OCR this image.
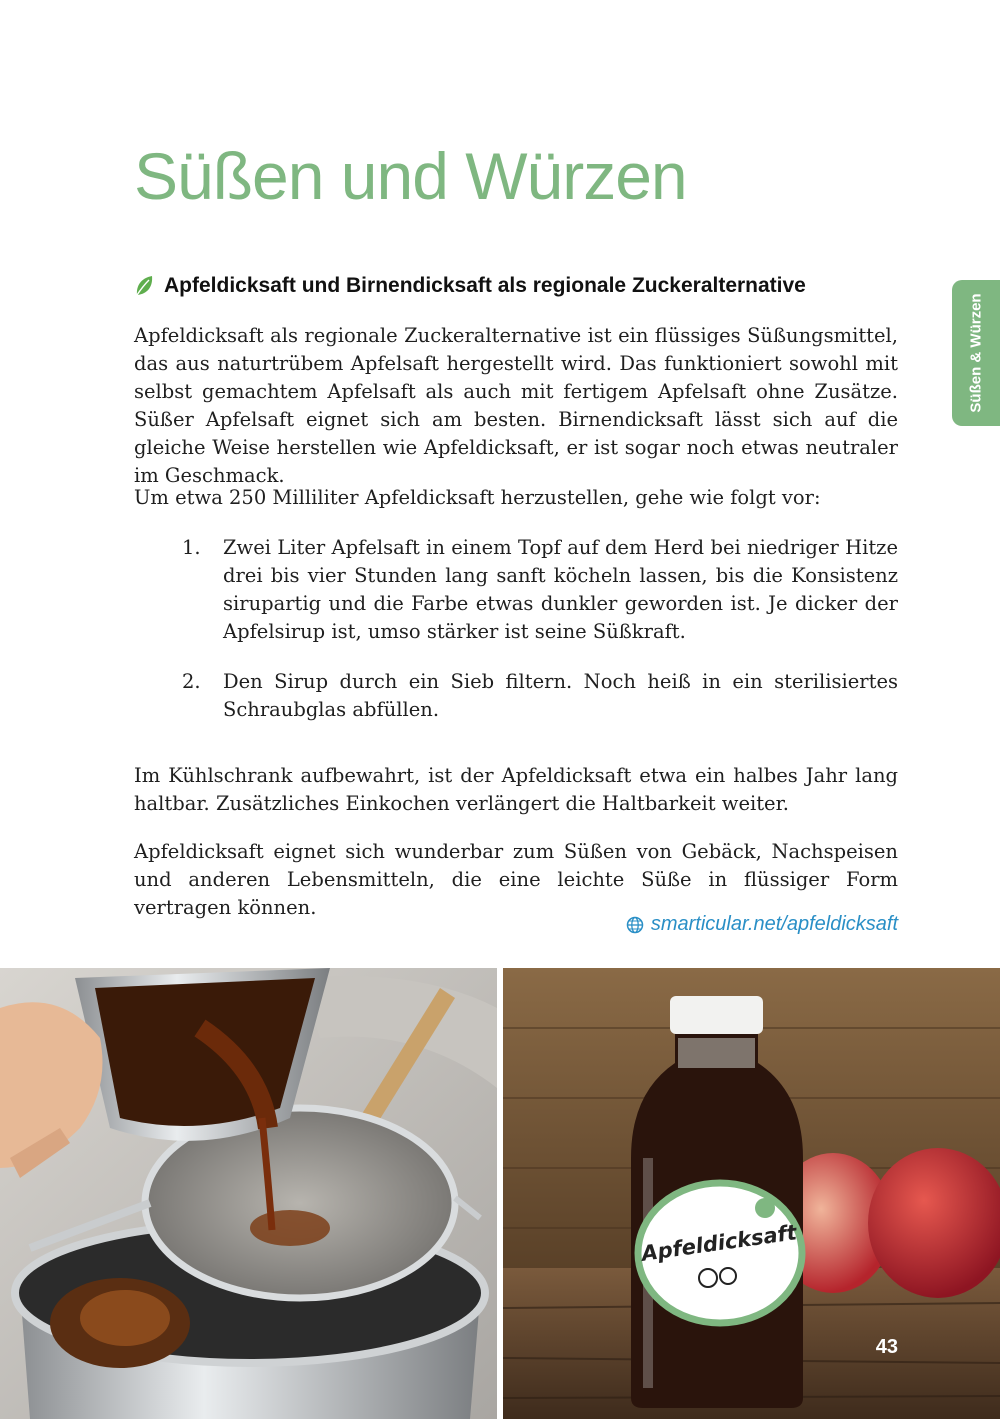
Süßen und Würzen
Süßen & Würzen
Apfeldicksaft und Birnendicksaft als regionale Zuckeralternative

Apfeldicksaft als regionale Zuckeralternative ist ein flüssiges Süßungsmittel, das aus naturtrübem Apfelsaft hergestellt wird. Das funktioniert sowohl mit selbst gemachtem Apfelsaft als auch mit fertigem Apfelsaft ohne Zusätze. Süßer Apfelsaft eignet sich am besten. Birnendicksaft lässt sich auf die gleiche Weise herstellen wie Apfeldicksaft, er ist sogar noch etwas neutraler im Geschmack.

Um etwa 250 Milliliter Apfeldicksaft herzustellen, gehe wie folgt vor:

1.	Zwei Liter Apfelsaft in einem Topf auf dem Herd bei niedriger Hitze drei bis vier Stunden lang sanft köcheln lassen, bis die Konsistenz sirupartig und die Farbe etwas dunkler geworden ist. Je dicker der Apfelsirup ist, umso stärker ist seine Süßkraft.
2.	Den Sirup durch ein Sieb filtern. Noch heiß in ein sterilisiertes Schraubglas abfüllen.

Im Kühlschrank aufbewahrt, ist der Apfeldicksaft etwa ein halbes Jahr lang haltbar. Zusätzliches Einkochen verlängert die Haltbarkeit weiter.

Apfeldicksaft eignet sich wunderbar zum Süßen von Gebäck, Nachspeisen und anderen Lebensmitteln, die eine leichte Süße in flüssiger Form vertragen können.

smarticular.net/apfeldicksaft
Apfeldicksaft
43
